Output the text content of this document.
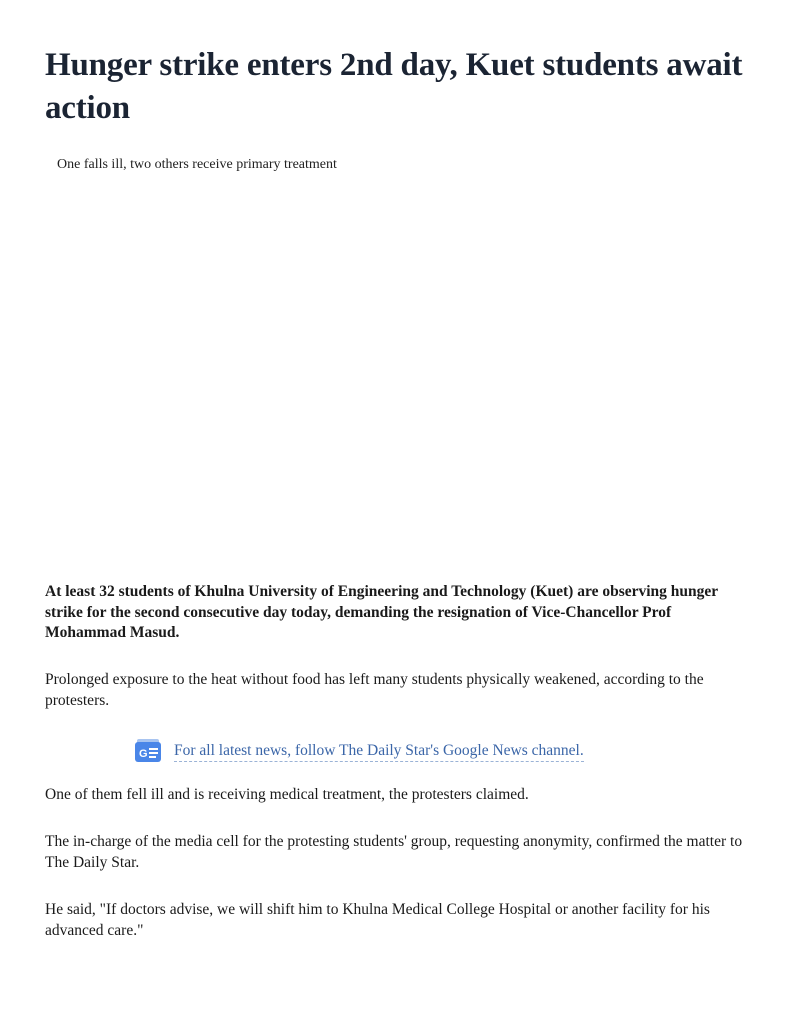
Hunger strike enters 2nd day, Kuet students await action

One falls ill, two others receive primary treatment

At least 32 students of Khulna University of Engineering and Technology (Kuet) are observing hunger strike for the second consecutive day today, demanding the resignation of Vice-Chancellor Prof Mohammad Masud.

Prolonged exposure to the heat without food has left many students physically weakened, according to the protesters.

G For all latest news, follow The Daily Star's Google News channel.

One of them fell ill and is receiving medical treatment, the protesters claimed.

The in-charge of the media cell for the protesting students' group, requesting anonymity, confirmed the matter to The Daily Star.

He said, "If doctors advise, we will shift him to Khulna Medical College Hospital or another facility for his advanced care."
